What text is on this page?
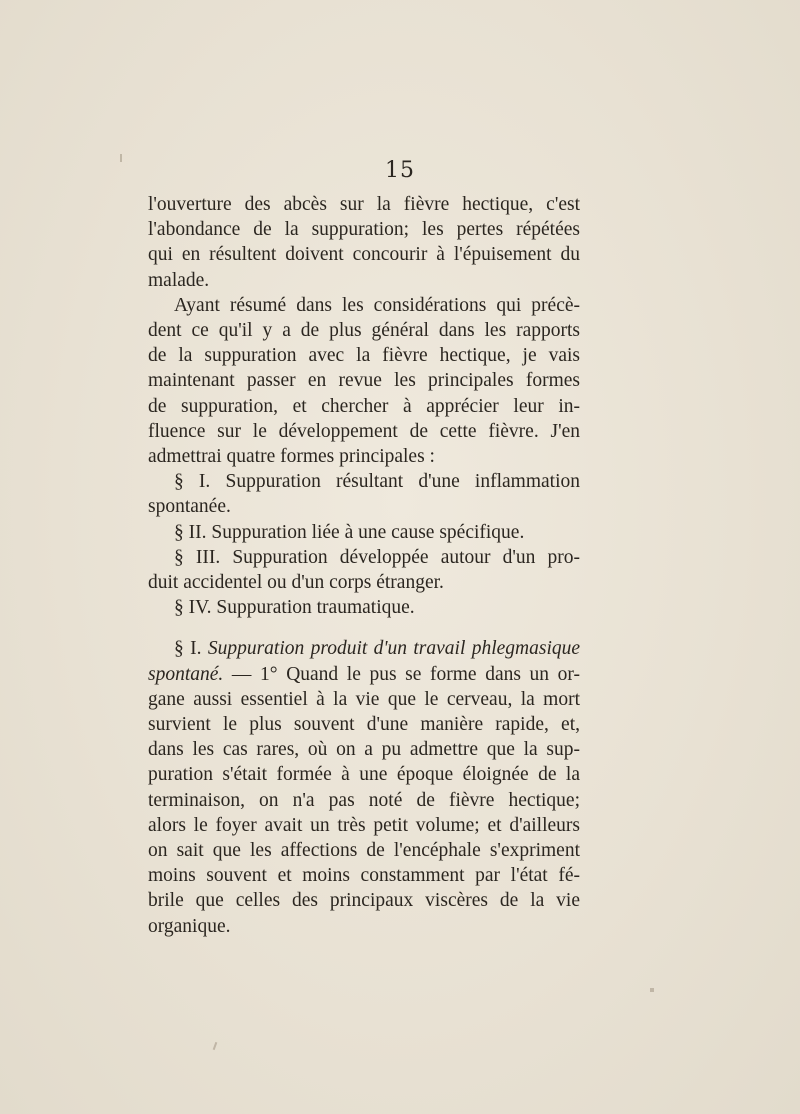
15
l'ouverture des abcès sur la fièvre hectique, c'est
l'abondance de la suppuration; les pertes répétées
qui en résultent doivent concourir à l'épuisement du
malade.
Ayant résumé dans les considérations qui précè-
dent ce qu'il y a de plus général dans les rapports
de la suppuration avec la fièvre hectique, je vais
maintenant passer en revue les principales formes
de suppuration, et chercher à apprécier leur in-
fluence sur le développement de cette fièvre. J'en
admettrai quatre formes principales :
§ I. Suppuration résultant d'une inflammation
spontanée.
§ II. Suppuration liée à une cause spécifique.
§ III. Suppuration développée autour d'un pro-
duit accidentel ou d'un corps étranger.
§ IV. Suppuration traumatique.
§ I. Suppuration produit d'un travail phlegmasique
spontané. — 1° Quand le pus se forme dans un or-
gane aussi essentiel à la vie que le cerveau, la mort
survient le plus souvent d'une manière rapide, et,
dans les cas rares, où on a pu admettre que la sup-
puration s'était formée à une époque éloignée de la
terminaison, on n'a pas noté de fièvre hectique;
alors le foyer avait un très petit volume; et d'ailleurs
on sait que les affections de l'encéphale s'expriment
moins souvent et moins constamment par l'état fé-
brile que celles des principaux viscères de la vie
organique.
